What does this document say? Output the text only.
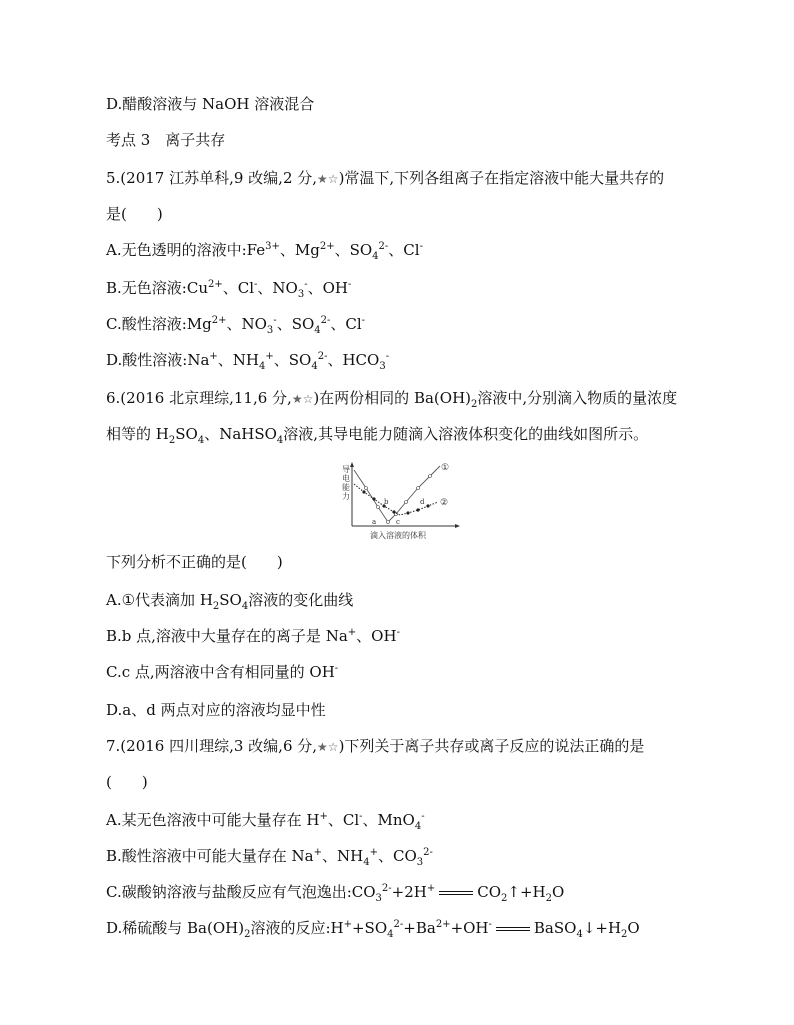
D.醋酸溶液与 NaOH 溶液混合
考点 3　离子共存
5.(2017 江苏单科,9 改编,2 分,★☆)常温下,下列各组离子在指定溶液中能大量共存的
是(　　)
A.无色透明的溶液中$:Fe^{3+}$、$Mg^{2+}$、$SO_4^{2-}$、Cl-
B.无色溶液$:Cu^{2+}$、Cl-、$NO_3^-$、OH-
C.酸性溶液$:Mg^{2+}$、$NO_3^-$、$SO_4^{2-}$、Cl-
D.酸性溶液:Na+、$NH_4^+$、$SO_4^{2-}$、$HCO_3^-$
6.(2016 北京理综,11,6 分,★☆)在两份相同的 $Ba(OH)_2$溶液中,分别滴入物质的量浓度
相等的 $H_2SO_4$、NaHSO$_4$溶液,其导电能力随滴入溶液体积变化的曲线如图所示。
导电能力
①
②
a
b
c
d
滴入溶液的体积
下列分析不正确的是(　　)
A.①代表滴加 $H_2SO_4$溶液的变化曲线
B.b 点,溶液中大量存在的离子是 Na+、OH-
C.c 点,两溶液中含有相同量的 OH-
D.a、d 两点对应的溶液均显中性
7.(2016 四川理综,3 改编,6 分,★☆)下列关于离子共存或离子反应的说法正确的是
(　　)
A.某无色溶液中可能大量存在 H+、Cl-、MnO$_4$-
B.酸性溶液中可能大量存在 Na+、$NH_4^+$、$CO_3^{2-}$
C.碳酸钠溶液与盐酸反应有气泡逸出$:CO_3^{2-}+2H^+$	$CO_2↑+H_2O$
D.稀硫酸与 $Ba(OH)_2$溶液的反应$:H^++SO_4^{2-}+Ba^{2+}+OH^-$	$BaSO_4↓+H_2O$
